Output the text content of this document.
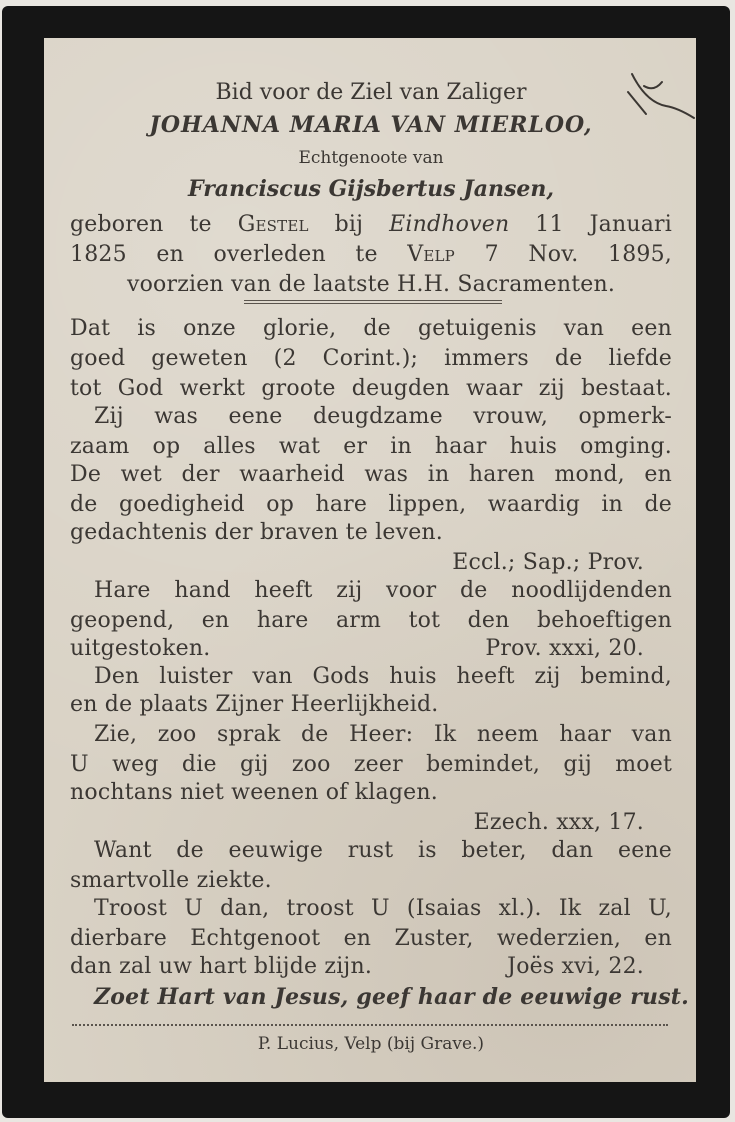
Bid voor de Ziel van Zaliger
JOHANNA MARIA VAN MIERLOO,
Echtgenoote van
Franciscus Gijsbertus Jansen,
geboren te Gestel bij Eindhoven 11 Januari
1825 en overleden te Velp 7 Nov. 1895,
voorzien van de laatste H.H. Sacramenten.
Dat is onze glorie, de getuigenis van een
goed geweten (2 Corint.); immers de liefde
tot God werkt groote deugden waar zij bestaat.
Zij was eene deugdzame vrouw, opmerk-
zaam op alles wat er in haar huis omging.
De wet der waarheid was in haren mond, en
de goedigheid op hare lippen, waardig in de
gedachtenis der braven te leven.
Eccl.; Sap.; Prov.
Hare hand heeft zij voor de noodlijdenden
geopend, en hare arm tot den behoeftigen
uitgestoken.	Prov. xxxi, 20.
Den luister van Gods huis heeft zij bemind,
en de plaats Zijner Heerlijkheid.
Zie, zoo sprak de Heer: Ik neem haar van
U weg die gij zoo zeer bemindet, gij moet
nochtans niet weenen of klagen.
Ezech. xxx, 17.
Want de eeuwige rust is beter, dan eene
smartvolle ziekte.
Troost U dan, troost U (Isaias xl.). Ik zal U,
dierbare Echtgenoot en Zuster, wederzien, en
dan zal uw hart blijde zijn.	Joës xvi, 22.
Zoet Hart van Jesus, geef haar de eeuwige rust.
P. Lucius, Velp (bij Grave.)
